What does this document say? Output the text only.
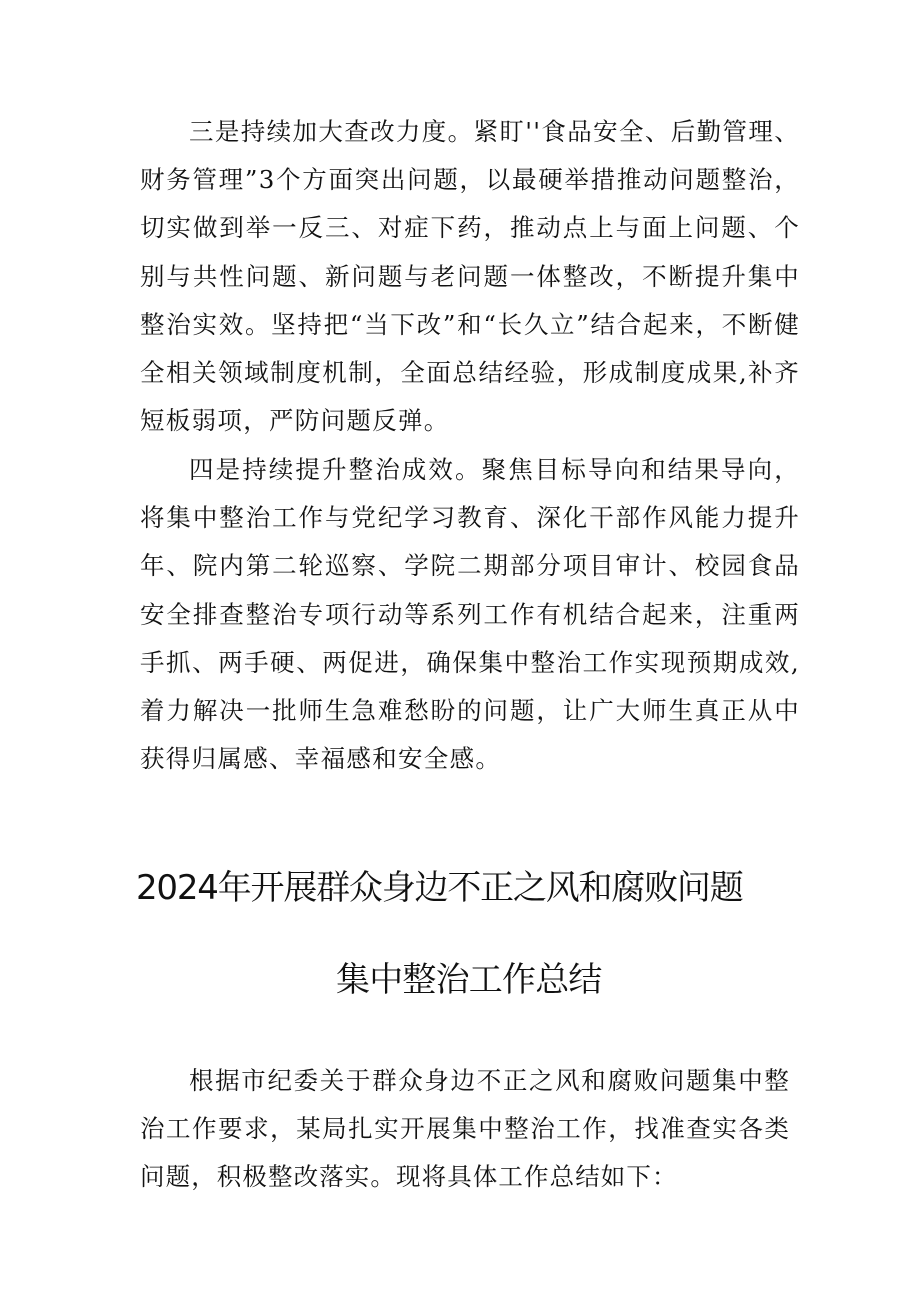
三是持续加大查改力度。紧盯''食品安全、后勤管理、财务管理”3个方面突出问题，以最硬举措推动问题整治，切实做到举一反三、对症下药，推动点上与面上问题、个别与共性问题、新问题与老问题一体整改，不断提升集中整治实效。坚持把“当下改”和“长久立”结合起来，不断健全相关领域制度机制，全面总结经验，形成制度成果,补齐短板弱项，严防问题反弹。

四是持续提升整治成效。聚焦目标导向和结果导向，将集中整治工作与党纪学习教育、深化干部作风能力提升年、院内第二轮巡察、学院二期部分项目审计、校园食品安全排查整治专项行动等系列工作有机结合起来，注重两手抓、两手硬、两促进，确保集中整治工作实现预期成效,着力解决一批师生急难愁盼的问题，让广大师生真正从中获得归属感、幸福感和安全感。

2024年开展群众身边不正之风和腐败问题
集中整治工作总结

根据市纪委关于群众身边不正之风和腐败问题集中整治工作要求，某局扎实开展集中整治工作，找准查实各类问题，积极整改落实。现将具体工作总结如下：
